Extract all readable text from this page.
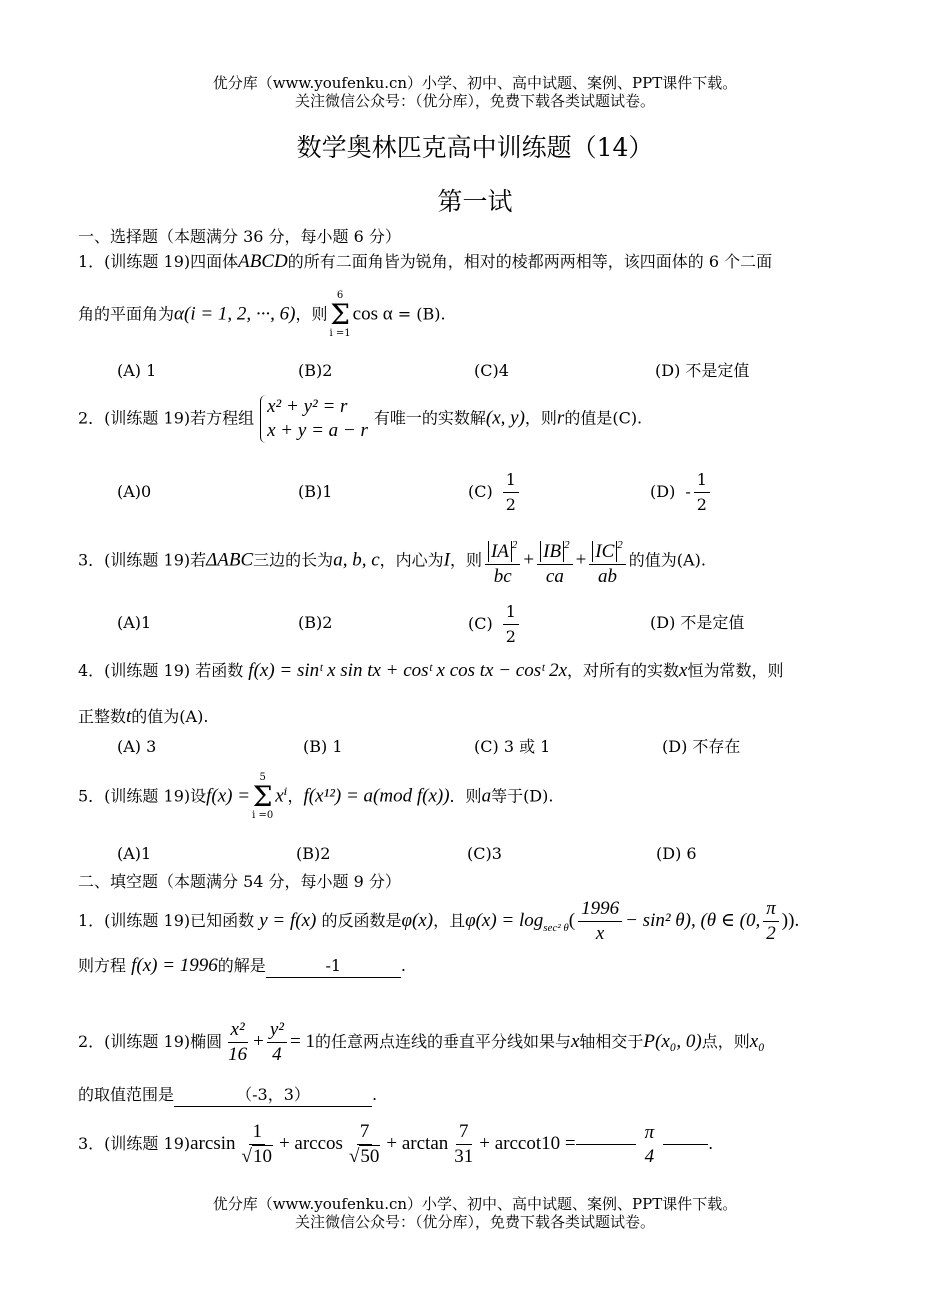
优分库（www.youfenku.cn）小学、初中、高中试题、案例、PPT课件下载。
关注微信公众号：（优分库），免费下载各类试题试卷。
数学奥林匹克高中训练题（14）
第一试
一、选择题（本题满分 36 分，每小题 6 分）
1．(训练题 19)四面体ABCD的所有二面角皆为锐角，相对的棱都两两相等，该四面体的 6 个二面
角的平面角为α(i = 1, 2, ···, 6)，则
6
Σ
i =1
cos α = (B).
(A) 1	(B)2	(C)4	(D) 不是定值
2．(训练题 19)若方程组
x² + y² = r
x + y = a − r
有唯一的实数解(x, y)，则r的值是(C).
(A)0	(B)1	$(C) \frac{1}{2}$	$(D) - \frac{1}{2}$
3．(训练题 19)若ΔABC三边的长为a, b, c，内心为I，则 $\frac{IA ^2}{bc} + \frac{IB ^2}{ca} + \frac{IC ^2}{ab}$ 的值为(A).
(A)1	(B)2	$(C) \frac{1}{2}$	(D) 不是定值
4．(训练题 19) 若函数 f(x) = sinᵗ x sin tx + cosᵗ x cos tx − cosᵗ 2x，对所有的实数x恒为常数，则
正整数t的值为(A).
(A) 3	(B) 1	(C) 3 或 1	(D) 不存在
5．(训练题 19)设f(x) =
5
Σ
i =0
xⁱ，f(x¹²) = a(mod f(x))．则a等于(D).
(A)1	(B)2	(C)3	(D) 6
二、填空题（本题满分 54 分，每小题 9 分）
1．(训练题 19)已知函数 y = f(x) 的反函数是φ(x)，且$\varphi(x) = \log_{sec^2 \theta}( \frac{1996}{x} - \sin^2$ θ), (θ ∈ (0, $\frac{\pi}{2}$ )).
则方程 f(x) = 1996的解是	-1	.
2．(训练题 19)椭圆 $\frac{\text{x²}}{16} + \frac{\text{y²}}{4} = 1$的任意两点连线的垂直平分线如果与x轴相交于P(x₀, 0)点，则x₀
的取值范围是	（-3，3）	.
3．(训练题 $19)\arcsin \frac{1}{√10} + \arccos \frac{7}{√50} + \arctan \frac{7}{31} + arccot10$ =
π
4
.
优分库（www.youfenku.cn）小学、初中、高中试题、案例、PPT课件下载。
关注微信公众号：（优分库），免费下载各类试题试卷。
